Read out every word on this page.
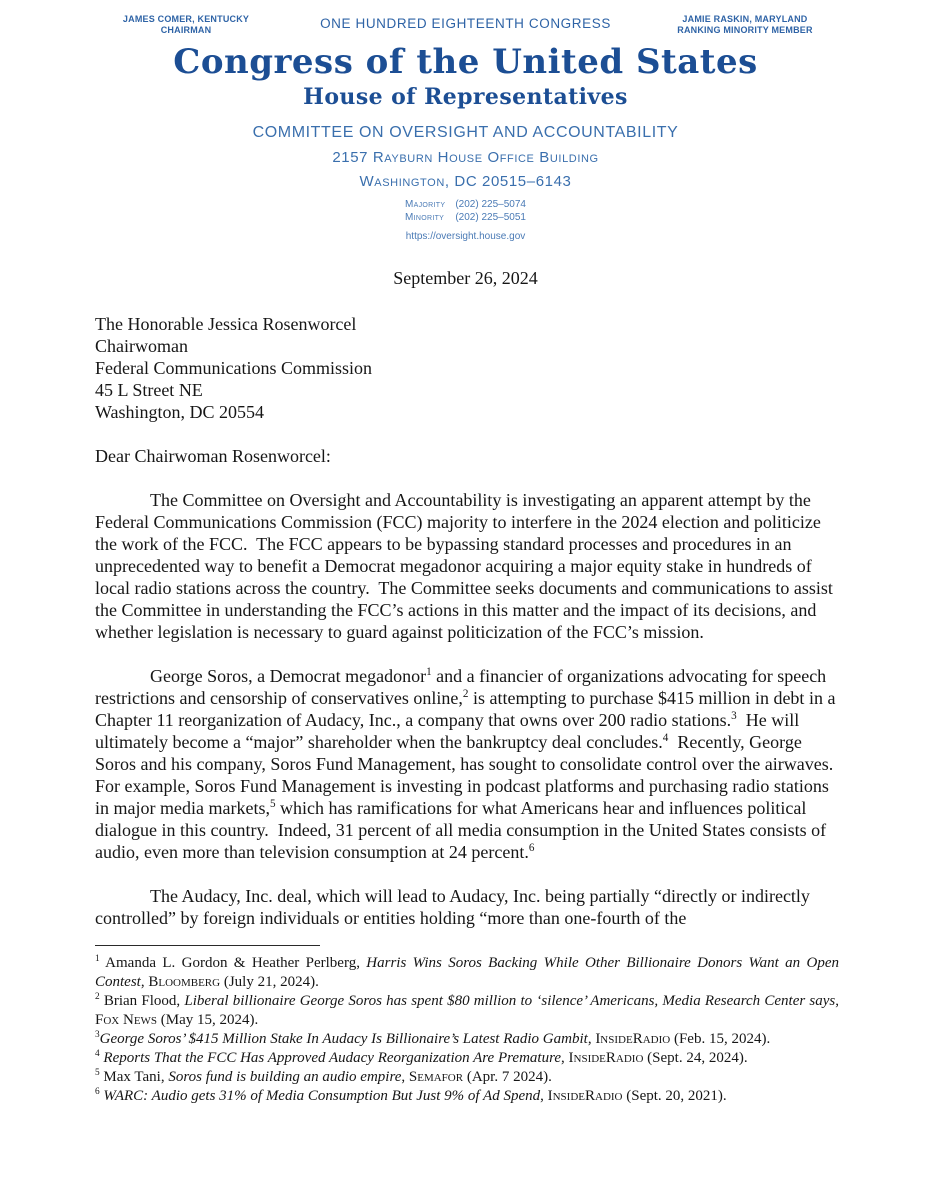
JAMES COMER, KENTUCKY
CHAIRMAN	ONE HUNDRED EIGHTEENTH CONGRESS	JAMIE RASKIN, MARYLAND
RANKING MINORITY MEMBER
Congress of the United States
House of Representatives
COMMITTEE ON OVERSIGHT AND ACCOUNTABILITY
2157 Rayburn House Office Building
Washington, DC 20515–6143
Majority (202) 225–5074
Minority (202) 225–5051
https://oversight.house.gov
September 26, 2024
The Honorable Jessica Rosenworcel
Chairwoman
Federal Communications Commission
45 L Street NE
Washington, DC 20554
Dear Chairwoman Rosenworcel:

The Committee on Oversight and Accountability is investigating an apparent attempt by the Federal Communications Commission (FCC) majority to interfere in the 2024 election and politicize the work of the FCC.  The FCC appears to be bypassing standard processes and procedures in an unprecedented way to benefit a Democrat megadonor acquiring a major equity stake in hundreds of local radio stations across the country.  The Committee seeks documents and communications to assist the Committee in understanding the FCC’s actions in this matter and the impact of its decisions, and whether legislation is necessary to guard against politicization of the FCC’s mission.

George Soros, a Democrat megadonor$^1$ and a financier of organizations advocating for speech restrictions and censorship of conservatives online,$^2$ is attempting to purchase $415 million in debt in a Chapter 11 reorganization of Audacy, Inc., a company that owns over 200 radio stations.$^3$  He will ultimately become a “major” shareholder when the bankruptcy deal concludes.$^4$  Recently, George Soros and his company, Soros Fund Management, has sought to consolidate control over the airwaves.  For example, Soros Fund Management is investing in podcast platforms and purchasing radio stations in major media markets,$^5$ which has ramifications for what Americans hear and influences political dialogue in this country.  Indeed, 31 percent of all media consumption in the United States consists of audio, even more than television consumption at 24 percent.$^6$

The Audacy, Inc. deal, which will lead to Audacy, Inc. being partially “directly or indirectly controlled” by foreign individuals or entities holding “more than one-fourth of the

$^1$ Amanda L. Gordon & Heather Perlberg, Harris Wins Soros Backing While Other Billionaire Donors Want an Open Contest, Bloomberg (July 21, 2024).
$^2$ Brian Flood, Liberal billionaire George Soros has spent $80 million to ‘silence’ Americans, Media Research Center says, Fox News (May 15, 2024).
$^3$George Soros’ $415 Million Stake In Audacy Is Billionaire’s Latest Radio Gambit, InsideRadio (Feb. 15, 2024).
$^4$ Reports That the FCC Has Approved Audacy Reorganization Are Premature, InsideRadio (Sept. 24, 2024).
$^5$ Max Tani, Soros fund is building an audio empire, Semafor (Apr. 7 2024).
$^6$ WARC: Audio gets 31% of Media Consumption But Just 9% of Ad Spend, InsideRadio (Sept. 20, 2021).
